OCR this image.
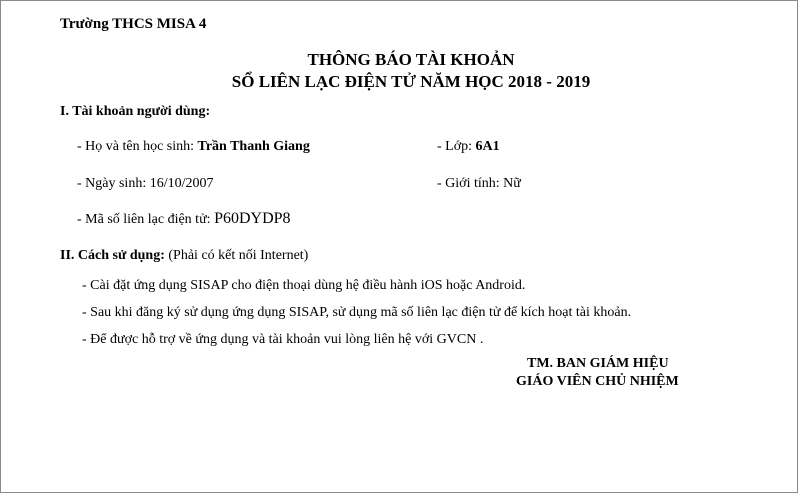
Trường THCS MISA 4
THÔNG BÁO TÀI KHOẢN
SỔ LIÊN LẠC ĐIỆN TỬ NĂM HỌC 2018 - 2019
I. Tài khoản người dùng:
- Họ và tên học sinh: Trần Thanh Giang	- Lớp: 6A1
- Ngày sinh: 16/10/2007	- Giới tính: Nữ
- Mã số liên lạc điện tử: P60DYDP8
II. Cách sử dụng: (Phải có kết nối Internet)
- Cài đặt ứng dụng SISAP cho điện thoại dùng hệ điều hành iOS hoặc Android.
- Sau khi đăng ký sử dụng ứng dụng SISAP, sử dụng mã số liên lạc điện tử để kích hoạt tài khoản.
- Để được hỗ trợ về ứng dụng và tài khoản vui lòng liên hệ với GVCN .
TM. BAN GIÁM HIỆU
GIÁO VIÊN CHỦ NHIỆM
